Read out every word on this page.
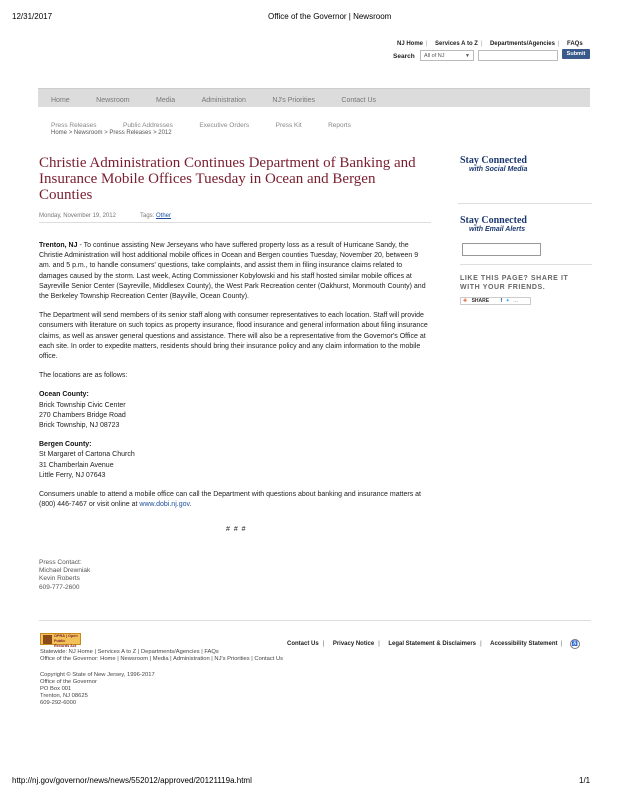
12/31/2017	Office of the Governor | Newsroom
NJ Home | Services A to Z | Departments/Agencies | FAQs
Search	All of NJ	▼	Submit
Home	Newsroom	Media	Administration	NJ's Priorities	Contact Us
Press Releases	Public Addresses	Executive Orders	Press Kit	Reports
Home > Newsroom > Press Releases > 2012
Christie Administration Continues Department of Banking and
Insurance Mobile Offices Tuesday in Ocean and Bergen
Counties
Monday, November 19, 2012	Tags: Other

Trenton, NJ - To continue assisting New Jerseyans who have suffered property loss as a result of Hurricane Sandy, the Christie Administration will host additional mobile offices in Ocean and Bergen counties Tuesday, November 20, between 9 am. and 5 p.m., to handle consumers' questions, take complaints, and assist them in filing insurance claims related to damages caused by the storm. Last week, Acting Commissioner Kobylowski and his staff hosted similar mobile offices at Sayreville Senior Center (Sayreville, Middlesex County), the West Park Recreation center (Oakhurst, Monmouth County) and the Berkeley Township Recreation Center (Bayville, Ocean County).

The Department will send members of its senior staff along with consumer representatives to each location. Staff will provide consumers with literature on such topics as property insurance, flood insurance and general information about filing insurance claims, as well as answer general questions and assistance. There will also be a representative from the Governor's Office at each site. In order to expedite matters, residents should bring their insurance policy and any claim information to the mobile office.

The locations are as follows:

Ocean County:
Brick Township Civic Center
270 Chambers Bridge Road
Brick Township, NJ 08723
Bergen County:
St Margaret of Cartona Church
31 Chamberlain Avenue
Little Ferry, NJ 07643

Consumers unable to attend a mobile office can call the Department with questions about banking and insurance matters at (800) 446-7467 or visit online at www.dobi.nj.gov.

# # #
Press Contact:
Michael Drewniak
Kevin Roberts
609-777-2600
Stay Connected
with Social Media
Stay Connected
with Email Alerts
LIKE THIS PAGE? SHARE IT
WITH YOUR FRIENDS.
✚ SHARE f ✦ …
OPRA | Open
Public Records Act	Contact Us | Privacy Notice | Legal Statement & Disclaimers | Accessibility Statement | ♿
Statewide: NJ Home | Services A to Z | Departments/Agencies | FAQs
Office of the Governor: Home | Newsroom | Media | Administration | NJ's Priorities | Contact Us
Copyright © State of New Jersey, 1996-2017
Office of the Governor
PO Box 001
Trenton, NJ 08625
609-292-6000
http://nj.gov/governor/news/news/552012/approved/20121119a.html	1/1
